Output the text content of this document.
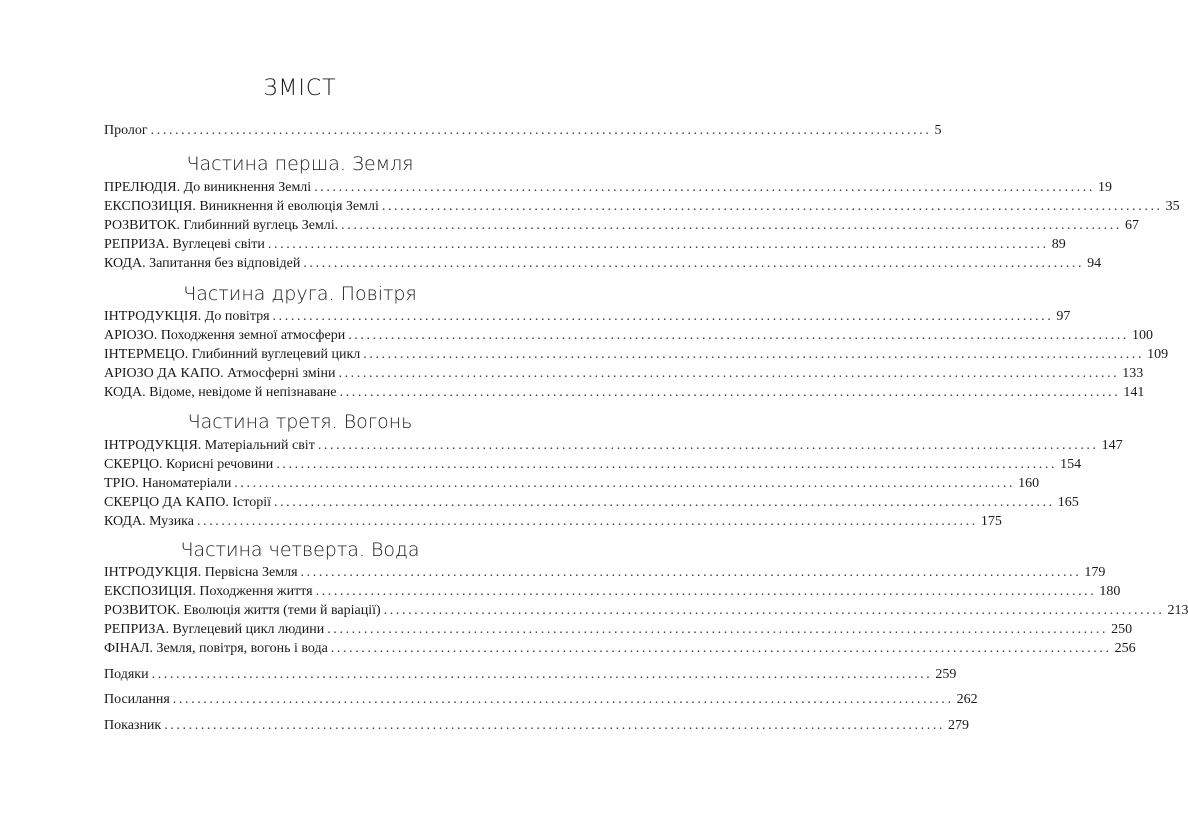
ЗМІСТ
Пролог ................................................................................................................................ 5
Частина перша. Земля
ПРЕЛЮДІЯ. До виникнення Землі ................................................................................................................................ 19
ЕКСПОЗИЦІЯ. Виникнення й еволюція Землі ................................................................................................................................ 35
РОЗВИТОК. Глибинний вуглець Землі. ................................................................................................................................ 67
РЕПРИЗА. Вуглецеві світи ................................................................................................................................ 89
КОДА. Запитання без відповідей ................................................................................................................................ 94
Частина друга. Повітря
ІНТРОДУКЦІЯ. До повітря ................................................................................................................................ 97
АРІОЗО. Походження земної атмосфери ................................................................................................................................ 100
ІНТЕРМЕЦО. Глибинний вуглецевий цикл ................................................................................................................................ 109
АРІОЗО ДА КАПО. Атмосферні зміни ................................................................................................................................ 133
КОДА. Відоме, невідоме й непізнаване ................................................................................................................................ 141
Частина третя. Вогонь
ІНТРОДУКЦІЯ. Матеріальний світ ................................................................................................................................ 147
СКЕРЦО. Корисні речовини ................................................................................................................................ 154
ТРІО. Наноматеріали ................................................................................................................................ 160
СКЕРЦО ДА КАПО. Історії ................................................................................................................................ 165
КОДА. Музика ................................................................................................................................ 175
Частина четверта. Вода
ІНТРОДУКЦІЯ. Первісна Земля ................................................................................................................................ 179
ЕКСПОЗИЦІЯ. Походження життя ................................................................................................................................ 180
РОЗВИТОК. Еволюція життя (теми й варіації) ................................................................................................................................ 213
РЕПРИЗА. Вуглецевий цикл людини ................................................................................................................................ 250
ФІНАЛ. Земля, повітря, вогонь і вода ................................................................................................................................ 256
Подяки ................................................................................................................................ 259
Посилання ................................................................................................................................ 262
Показник ................................................................................................................................ 279
